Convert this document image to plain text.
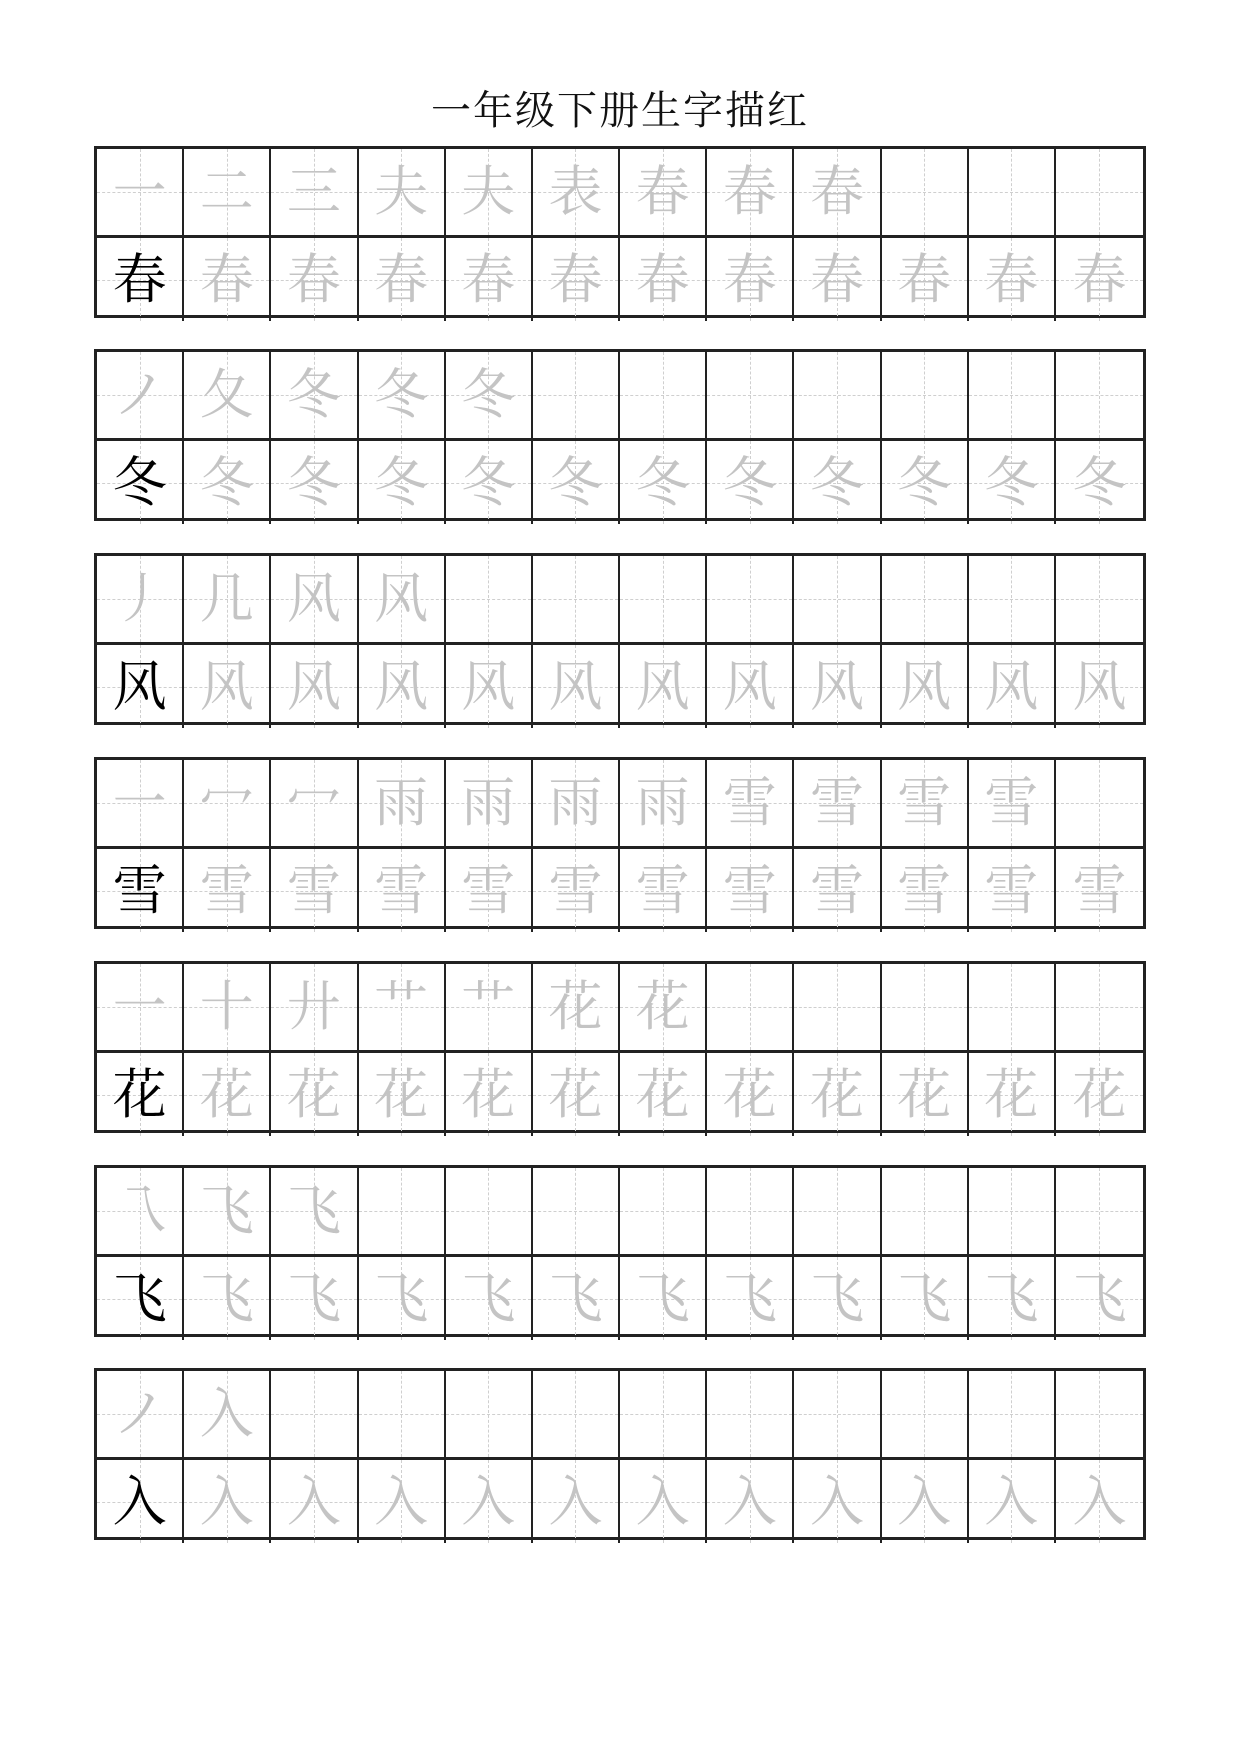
一年级下册生字描红
一 二 三 夫 夫 表 春 春 春
春 春 春 春 春 春 春 春 春 春 春 春
ノ 夂 冬 冬 冬
冬 冬 冬 冬 冬 冬 冬 冬 冬 冬 冬 冬
丿 几 风 风
风 风 风 风 风 风 风 风 风 风 风 风
一 冖 冖 雨 雨 雨 雨 雪 雪 雪 雪
雪 雪 雪 雪 雪 雪 雪 雪 雪 雪 雪 雪
一 十 廾 艹 艹 花 花
花 花 花 花 花 花 花 花 花 花 花 花
乁 飞 飞
飞 飞 飞 飞 飞 飞 飞 飞 飞 飞 飞 飞
ノ 入
入 入 入 入 入 入 入 入 入 入 入 入
